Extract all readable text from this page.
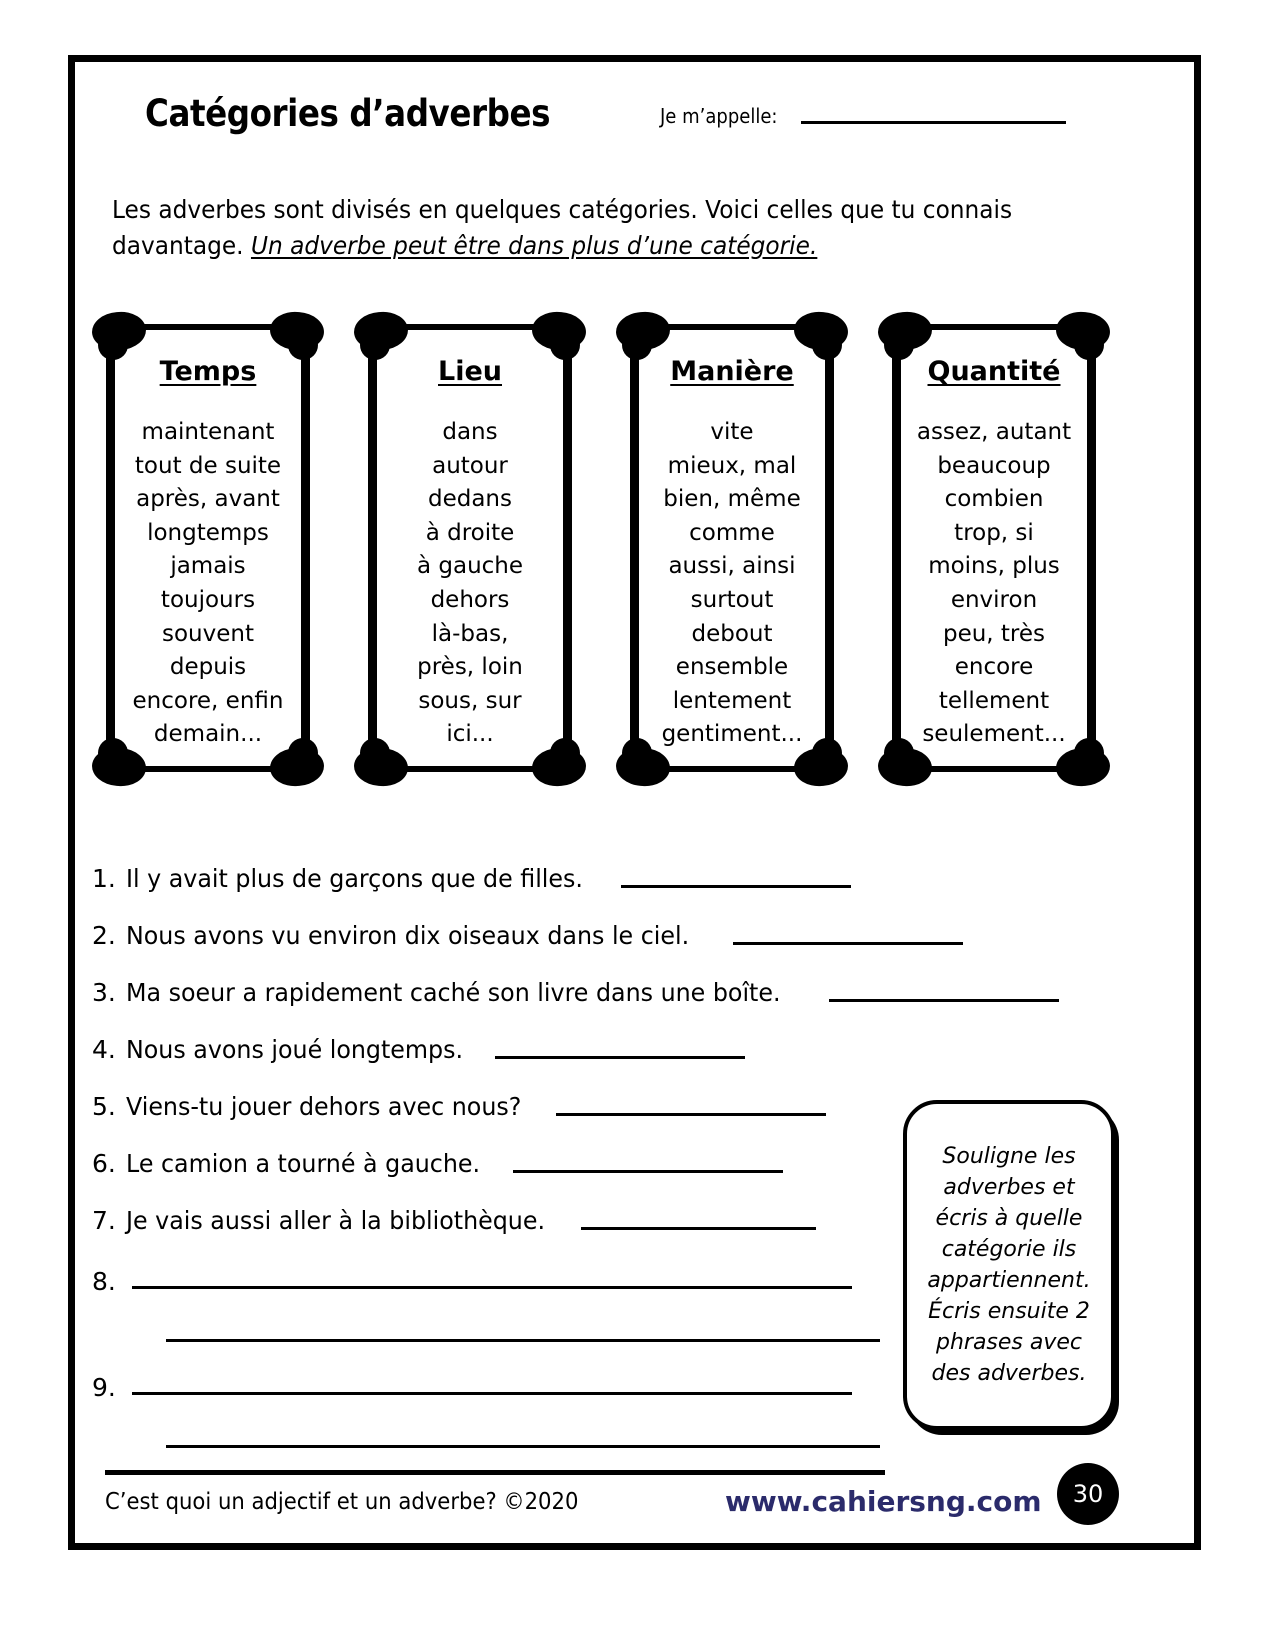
Catégories d’adverbes	Je m’appelle:
Les adverbes sont divisés en quelques catégories. Voici celles que tu connais davantage. Un adverbe peut être dans plus d’une catégorie.
Temps
maintenant
tout de suite
après, avant
longtemps
jamais
toujours
souvent
depuis
encore, enfin
demain...
Lieu
dans
autour
dedans
à droite
à gauche
dehors
là-bas,
près, loin
sous, sur
ici...
Manière
vite
mieux, mal
bien, même
comme
aussi, ainsi
surtout
debout
ensemble
lentement
gentiment...
Quantité
assez, autant
beaucoup
combien
trop, si
moins, plus
environ
peu, très
encore
tellement
seulement...
1. Il y avait plus de garçons que de filles.
2. Nous avons vu environ dix oiseaux dans le ciel.
3. Ma soeur a rapidement caché son livre dans une boîte.
4. Nous avons joué longtemps.
5. Viens-tu jouer dehors avec nous?
6. Le camion a tourné à gauche.
7. Je vais aussi aller à la bibliothèque.
8.
9.
Souligne les adverbes et écris à quelle catégorie ils appartiennent. Écris ensuite 2 phrases avec des adverbes.
C’est quoi un adjectif et un adverbe? ©2020	www.cahiersng.com 30
